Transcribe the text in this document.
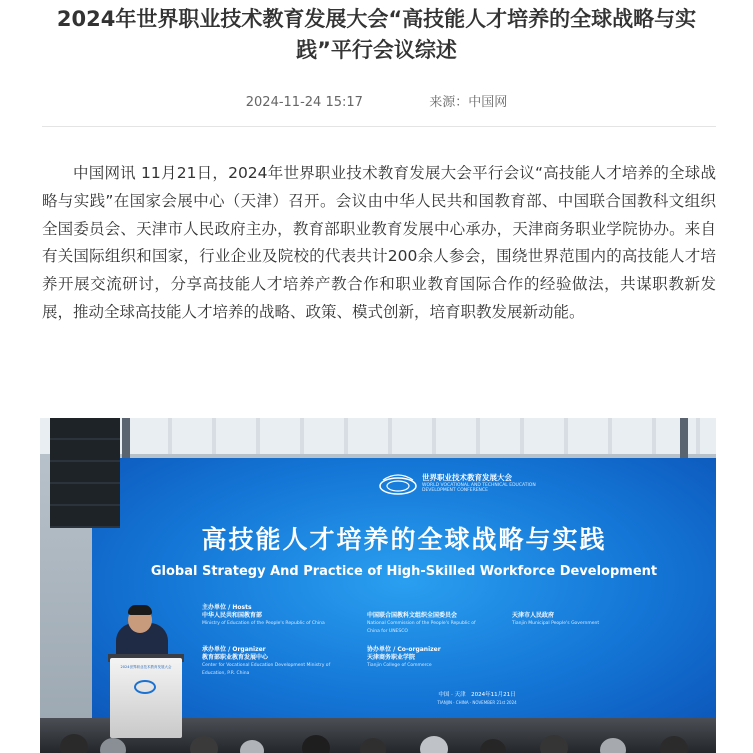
2024年世界职业技术教育发展大会“高技能人才培养的全球战略与实践”平行会议综述
2024-11-24 15:17	来源：中国网

中国网讯 11月21日，2024年世界职业技术教育发展大会平行会议“高技能人才培养的全球战略与实践”在国家会展中心（天津）召开。会议由中华人民共和国教育部、中国联合国教科文组织全国委员会、天津市人民政府主办，教育部职业教育发展中心承办，天津商务职业学院协办。来自有关国际组织和国家，行业企业及院校的代表共计200余人参会，围绕世界范围内的高技能人才培养开展交流研讨，分享高技能人才培养产教合作和职业教育国际合作的经验做法，共谋职教新发展，推动全球高技能人才培养的战略、政策、模式创新，培育职教发展新动能。

世界职业技术教育发展大会
WORLD VOCATIONAL AND TECHNICAL EDUCATION DEVELOPMENT CONFERENCE
高技能人才培养的全球战略与实践
Global Strategy And Practice of High-Skilled Workforce Development
主办单位 / Hosts
中华人民共和国教育部
Ministry of Education of the People's Republic of China
中国联合国教科文组织全国委员会
National Commission of the People's Republic of China for UNESCO
天津市人民政府
Tianjin Municipal People's Government
承办单位 / Organizer
教育部职业教育发展中心
Center for Vocational Education Development Ministry of Education, P.R. China
协办单位 / Co-organizer
天津商务职业学院
Tianjin College of Commerce
中国 · 天津　2024年11月21日
TIANJIN · CHINA · NOVEMBER 21st 2024
2024世界职业技术教育发展大会
